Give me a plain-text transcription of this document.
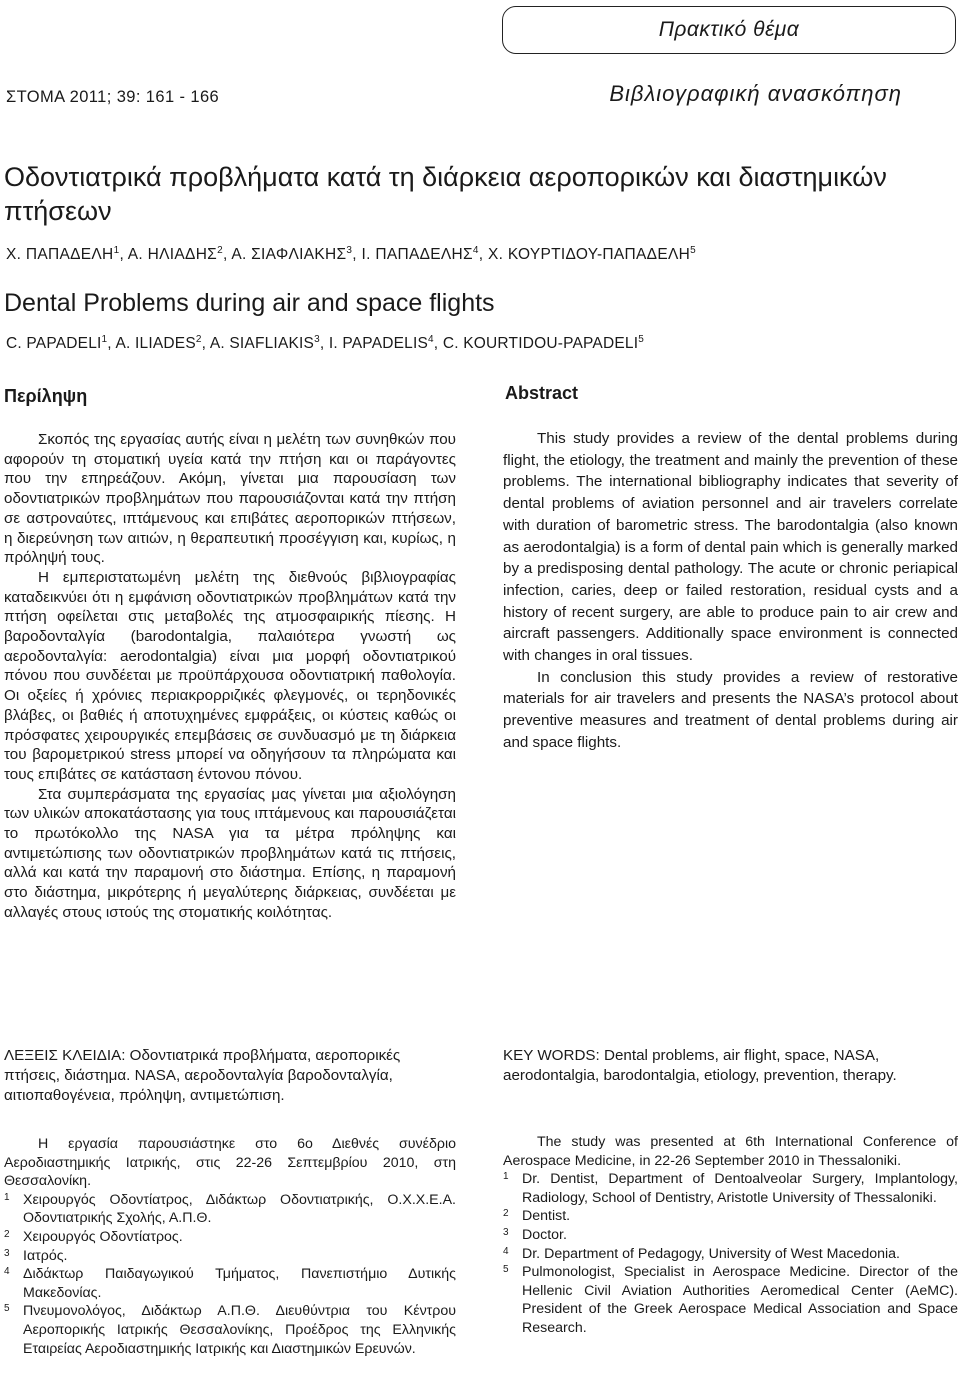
Πρακτικό θέμα
ΣΤΟΜΑ 2011; 39: 161 - 166	Βιβλιογραφική ανασκόπηση
Οδοντιατρικά προβλήματα κατά τη διάρκεια αεροπορικών και διαστημικών πτήσεων
Χ. ΠΑΠΑΔΕΛΗ$^1$, Α. ΗΛΙΑΔΗΣ$^2$, Α. ΣΙΑΦΛΙΑΚΗΣ$^3$, Ι. ΠΑΠΑΔΕΛΗΣ$^4$, Χ. ΚΟΥΡΤΙΔΟΥ-ΠΑΠΑΔΕΛΗ$^5$
Dental Problems during air and space flights
C. PAPADELI$^1$, A. ILIADES$^2$, A. SIAFLIAKIS$^3$, I. PAPADELIS$^4$, C. KOURTIDOU-PAPADELI$^5$
Περίληψη	Abstract

Σκοπός της εργασίας αυτής είναι η μελέτη των συνηθκών που αφορούν τη στοματική υγεία κατά την πτήση και οι παράγοντες που την επηρεάζουν. Ακόμη, γίνεται μια παρουσίαση των οδοντιατρικών προβλημάτων που παρουσιάζονται κατά την πτήση σε αστροναύτες, ιπτάμενους και επιβάτες αεροπορικών πτήσεων, η διερεύνηση των αιτιών, η θεραπευτική προσέγγιση και, κυρίως, η πρόληψή τους.

Η εμπεριστατωμένη μελέτη της διεθνούς βιβλιογραφίας καταδεικνύει ότι η εμφάνιση οδοντιατρικών προβλημάτων κατά την πτήση οφείλεται στις μεταβολές της ατμοσφαιρικής πίεσης. Η βαροδονταλγία (barodontalgia, παλαιότερα γνωστή ως αεροδονταλγία: aerodontalgia) είναι μια μορφή οδοντιατρικού πόνου που συνδέεται με προϋπάρχουσα οδοντιατρική παθολογία. Οι οξείες ή χρόνιες περιακρορριζικές φλεγμονές, οι τερηδονικές βλάβες, οι βαθιές ή αποτυχημένες εμφράξεις, οι κύστεις καθώς οι πρόσφατες χειρουργικές επεμβάσεις σε συνδυασμό με τη διάρκεια του βαρομετρικού stress μπορεί να οδηγήσουν τα πληρώματα και τους επιβάτες σε κατάσταση έντονου πόνου.

Στα συμπεράσματα της εργασίας μας γίνεται μια αξιολόγηση των υλικών αποκατάστασης για τους ιπτάμενους και παρουσιάζεται το πρωτόκολλο της NASA για τα μέτρα πρόληψης και αντιμετώπισης των οδοντιατρικών προβλημάτων κατά τις πτήσεις, αλλά και κατά την παραμονή στο διάστημα. Επίσης, η παραμονή στο διάστημα, μικρότερης ή μεγαλύτερης διάρκειας, συνδέεται με αλλαγές στους ιστούς της στοματικής κοιλότητας.

This study provides a review of the dental problems during flight, the etiology, the treatment and mainly the prevention of these problems. The international bibliography indicates that severity of dental problems of aviation personnel and air travelers correlate with duration of barometric stress. The barodontalgia (also known as aerodontalgia) is a form of dental pain which is generally marked by a predisposing dental pathology. The acute or chronic periapical infection, caries, deep or failed restoration, residual cysts and a history of recent surgery, are able to produce pain to air crew and aircraft passengers. Additionally space environment is connected with changes in oral tissues.

In conclusion this study provides a review of restorative materials for air travelers and presents the NASA’s protocol about preventive measures and treatment of dental problems during air and space flights.

ΛΕΞΕΙΣ ΚΛΕΙΔΙΑ: Οδοντιατρικά προβλήματα, αεροπορικές πτήσεις, διάστημα. NASA, αεροδονταλγία βαροδονταλγία, αιτιοπαθογένεια, πρόληψη, αντιμετώπιση.
KEY WORDS: Dental problems, air flight, space, NASA, aerodontalgia, barodontalgia, etiology, prevention, therapy.

Η εργασία παρουσιάστηκε στο 6ο Διεθνές συνέδριο Αεροδιαστημικής Ιατρικής, στις 22-26 Σεπτεμβρίου 2010, στη Θεσσαλονίκη.

1 Χειρουργός Οδοντίατρος, Διδάκτωρ Οδοντιατρικής, Ο.Χ.Χ.Ε.Α. Οδοντιατρικής Σχολής, Α.Π.Θ.
2 Χειρουργός Οδοντίατρος.
3 Ιατρός.
4 Διδάκτωρ Παιδαγωγικού Τμήματος, Πανεπιστήμιο Δυτικής Μακεδονίας.
5 Πνευμονολόγος, Διδάκτωρ Α.Π.Θ. Διευθύντρια του Κέντρου Αεροπορικής Ιατρικής Θεσσαλονίκης, Προέδρος της Ελληνικής Εταιρείας Αεροδιαστημικής Ιατρικής και Διαστημικών Ερευνών.

The study was presented at 6th International Conference of Aerospace Medicine, in 22-26 September 2010 in Thessaloniki.

1 Dr. Dentist, Department of Dentoalveolar Surgery, Implantology, Radiology, School of Dentistry, Aristotle University of Thessaloniki.
2 Dentist.
3 Doctor.
4 Dr. Department of Pedagogy, University of West Macedonia.
5 Pulmonologist, Specialist in Aerospace Medicine. Director of the Hellenic Civil Aviation Authorities Aeromedical Center (AeMC). President of the Greek Aerospace Medical Association and Space Research.
